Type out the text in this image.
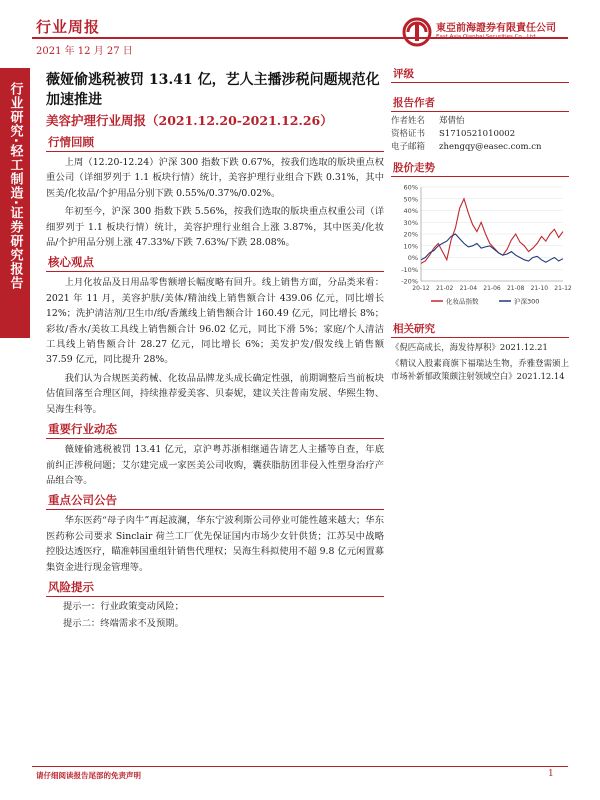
行业周报
2021 年 12 月 27 日
東亞前海證券有限責任公司
East Asia Qianhai Securities Co., Ltd.
行业研究·轻工制造·证券研究报告
薇娅偷逃税被罚 13.41 亿，艺人主播涉税问题规范化加速推进
美容护理行业周报（2021.12.20-2021.12.26）
行情回顾

上周（12.20-12.24）沪深 300 指数下跌 0.67%，按我们选取的版块重点权重公司（详细罗列于 1.1 板块行情）统计，美容护理行业组合下跌 0.31%，其中医美/化妆品/个护用品分别下跌 0.55%/0.37%/0.02%。

年初至今，沪深 300 指数下跌 5.56%，按我们选取的版块重点权重公司（详细罗列于 1.1 板块行情）统计，美容护理行业组合上涨 3.87%，其中医美/化妆品/个护用品分别上涨 47.33%/下跌 7.63%/下跌 28.08%。

核心观点

上月化妆品及日用品零售额增长幅度略有回升。线上销售方面，分品类来看：2021 年 11 月，美容护肤/美体/精油线上销售额合计 439.06 亿元，同比增长 12%；洗护清洁剂/卫生巾/纸/香薰线上销售额合计 160.49 亿元，同比增长 8%；彩妆/香水/美妆工具线上销售额合计 96.02 亿元，同比下滑 5%；家庭/个人清洁工具线上销售额合计 28.27 亿元，同比增长 6%；美发护发/假发线上销售额 37.59 亿元，同比提升 28%。

我们认为合规医美药械、化妆品品牌龙头成长确定性强，前期调整后当前板块估值回落至合理区间，持续推荐爱美客、贝泰妮，建议关注普南发展、华熙生物、吴海生科等。

重要行业动态

薇娅偷逃税被罚 13.41 亿元，京沪粤苏浙相继通告请艺人主播等自查，年底前纠正涉税问题；艾尔建完成一家医美公司收购，囊获脂肪团非侵入性塑身治疗产品组合等。

重点公司公告

华东医药“母子肉牛”再起波澜，华东宁波利斯公司停业可能性越来越大；华东医药称公司要求 Sinclair 荷兰工厂优先保证国内市场少女针供货；江苏吴中战略控股达透医疗，瞄准韩国重组针销售代理权；吴海生科拟使用不超 9.8 亿元闲置募集资金进行现金管理等。

风险提示
提示一：行业政策变动风险；
提示二：终端需求不及预期。
评级
报告作者
作者姓名	郑倩怡
资格证书	S1710521010002
电子邮箱	zhengqy@easec.com.cn
股价走势
60%
50%
40%
30%
20%
10%
0%
-10%
-20%
20-12 21-02 21-04 21-06 21-08 21-10 21-12
化妆品指数	沪深300
相关研究
《倪匹高成长，海发待厚积》2021.12.21
《精议入股素商旗下福瑞达生物，乔雅登需颁上市场补新郁政策颇注射领域空白》2021.12.14
请仔细阅读报告尾部的免责声明	1
